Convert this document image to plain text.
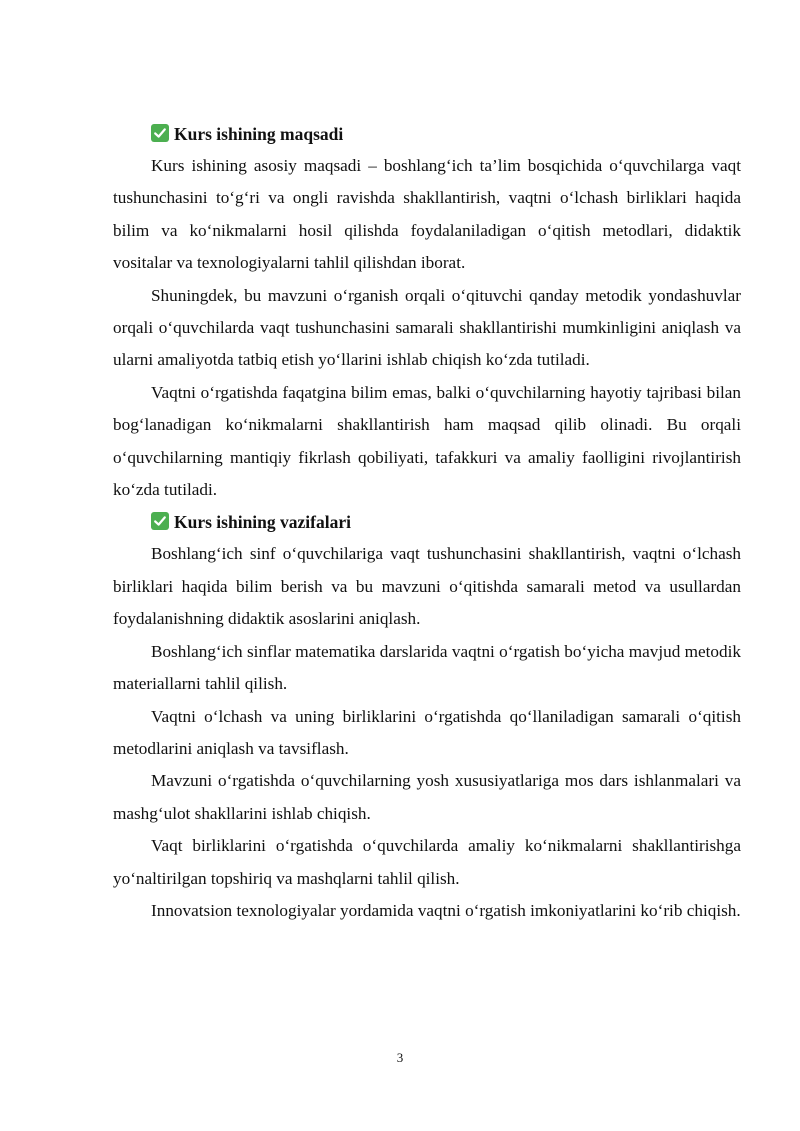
Kurs ishining maqsadi

Kurs ishining asosiy maqsadi – boshlang‘ich ta’lim bosqichida o‘quvchilarga vaqt tushunchasini to‘g‘ri va ongli ravishda shakllantirish, vaqtni o‘lchash birliklari haqida bilim va ko‘nikmalarni hosil qilishda foydalaniladigan o‘qitish metodlari, didaktik vositalar va texnologiyalarni tahlil qilishdan iborat.

Shuningdek, bu mavzuni o‘rganish orqali o‘qituvchi qanday metodik yondashuvlar orqali o‘quvchilarda vaqt tushunchasini samarali shakllantirishi mumkinligini aniqlash va ularni amaliyotda tatbiq etish yo‘llarini ishlab chiqish ko‘zda tutiladi.

Vaqtni o‘rgatishda faqatgina bilim emas, balki o‘quvchilarning hayotiy tajribasi bilan bog‘lanadigan ko‘nikmalarni shakllantirish ham maqsad qilib olinadi. Bu orqali o‘quvchilarning mantiqiy fikrlash qobiliyati, tafakkuri va amaliy faolligini rivojlantirish ko‘zda tutiladi.

Kurs ishining vazifalari

Boshlang‘ich sinf o‘quvchilariga vaqt tushunchasini shakllantirish, vaqtni o‘lchash birliklari haqida bilim berish va bu mavzuni o‘qitishda samarali metod va usullardan foydalanishning didaktik asoslarini aniqlash.

Boshlang‘ich sinflar matematika darslarida vaqtni o‘rgatish bo‘yicha mavjud metodik materiallarni tahlil qilish.

Vaqtni o‘lchash va uning birliklarini o‘rgatishda qo‘llaniladigan samarali o‘qitish metodlarini aniqlash va tavsiflash.

Mavzuni o‘rgatishda o‘quvchilarning yosh xususiyatlariga mos dars ishlanmalari va mashg‘ulot shakllarini ishlab chiqish.

Vaqt birliklarini o‘rgatishda o‘quvchilarda amaliy ko‘nikmalarni shakllantirishga yo‘naltirilgan topshiriq va mashqlarni tahlil qilish.

Innovatsion texnologiyalar yordamida vaqtni o‘rgatish imkoniyatlarini ko‘rib chiqish.

3
